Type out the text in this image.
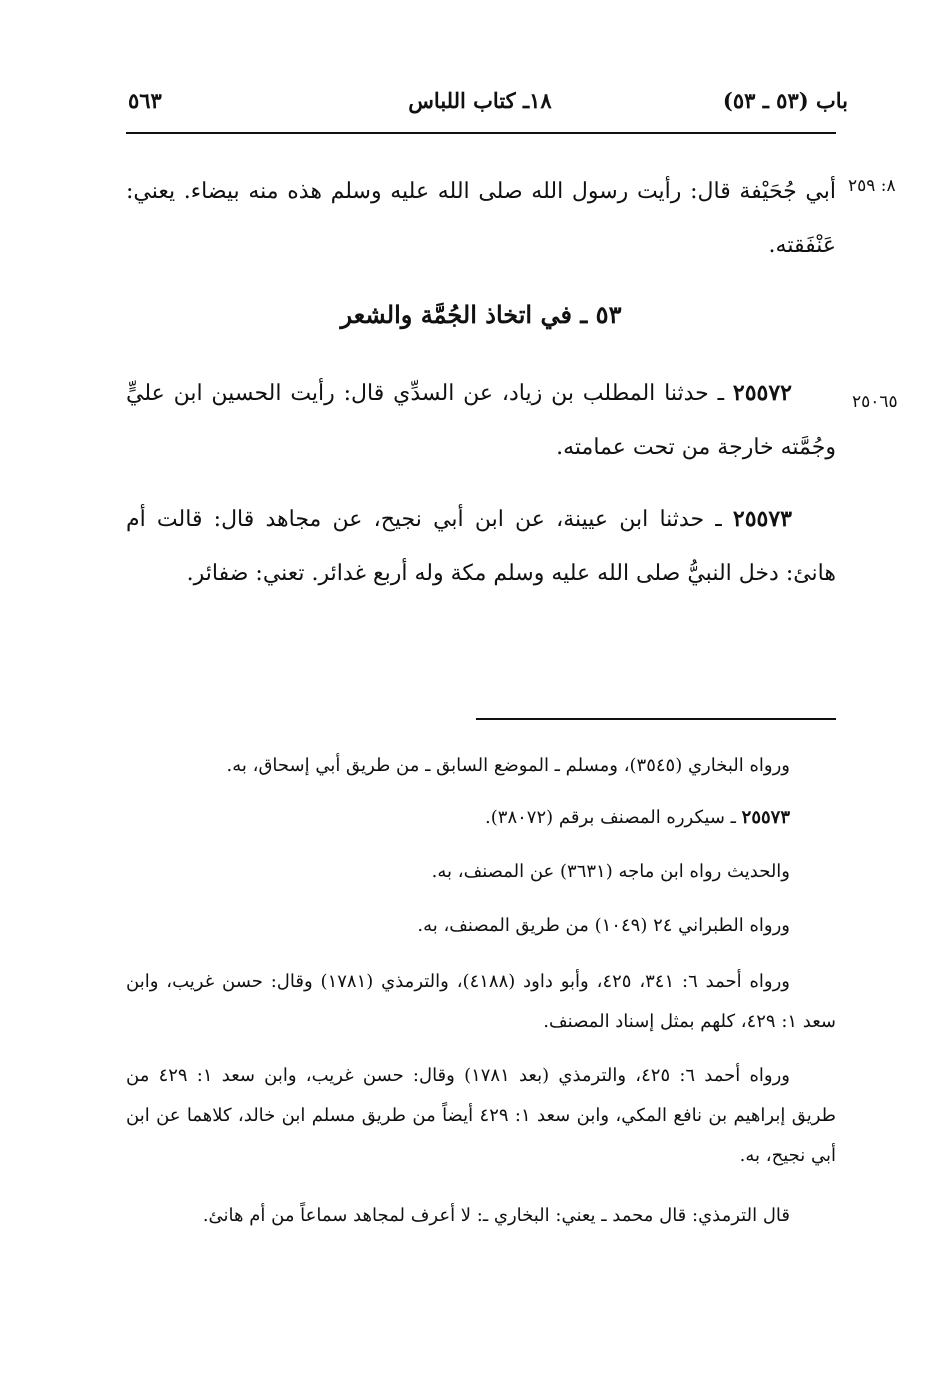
باب (٥٣ ـ ٥٣)
١٨ـ كتاب اللباس
٥٦٣
٨: ٢٥٩
٢٥٠٦٥

أبي جُحَيْفة قال: رأيت رسول الله صلى الله عليه وسلم هذه منه بيضاء. يعني: عَنْفَقته.

٥٣ ـ في اتخاذ الجُمَّة والشعر

٢٥٥٧٢ ـ حدثنا المطلب بن زياد، عن السدِّي قال: رأيت الحسين ابن عليٍّ وجُمَّته خارجة من تحت عمامته.

٢٥٥٧٣ ـ حدثنا ابن عيينة، عن ابن أبي نجيح، عن مجاهد قال: قالت أم هانئ: دخل النبيُّ صلى الله عليه وسلم مكة وله أربع غدائر. تعني: ضفائر.

ورواه البخاري (٣٥٤٥)، ومسلم ـ الموضع السابق ـ من طريق أبي إسحاق، به.

٢٥٥٧٣ ـ سيكرره المصنف برقم (٣٨٠٧٢).

والحديث رواه ابن ماجه (٣٦٣١) عن المصنف، به.

ورواه الطبراني ٢٤ (١٠٤٩) من طريق المصنف، به.

ورواه أحمد ٦: ٣٤١، ٤٢٥، وأبو داود (٤١٨٨)، والترمذي (١٧٨١) وقال: حسن غريب، وابن سعد ١: ٤٢٩، كلهم بمثل إسناد المصنف.

ورواه أحمد ٦: ٤٢٥، والترمذي (بعد ١٧٨١) وقال: حسن غريب، وابن سعد ١: ٤٢٩ من طريق إبراهيم بن نافع المكي، وابن سعد ١: ٤٢٩ أيضاً من طريق مسلم ابن خالد، كلاهما عن ابن أبي نجيح، به.

قال الترمذي: قال محمد ـ يعني: البخاري ـ: لا أعرف لمجاهد سماعاً من أم هانئ.
